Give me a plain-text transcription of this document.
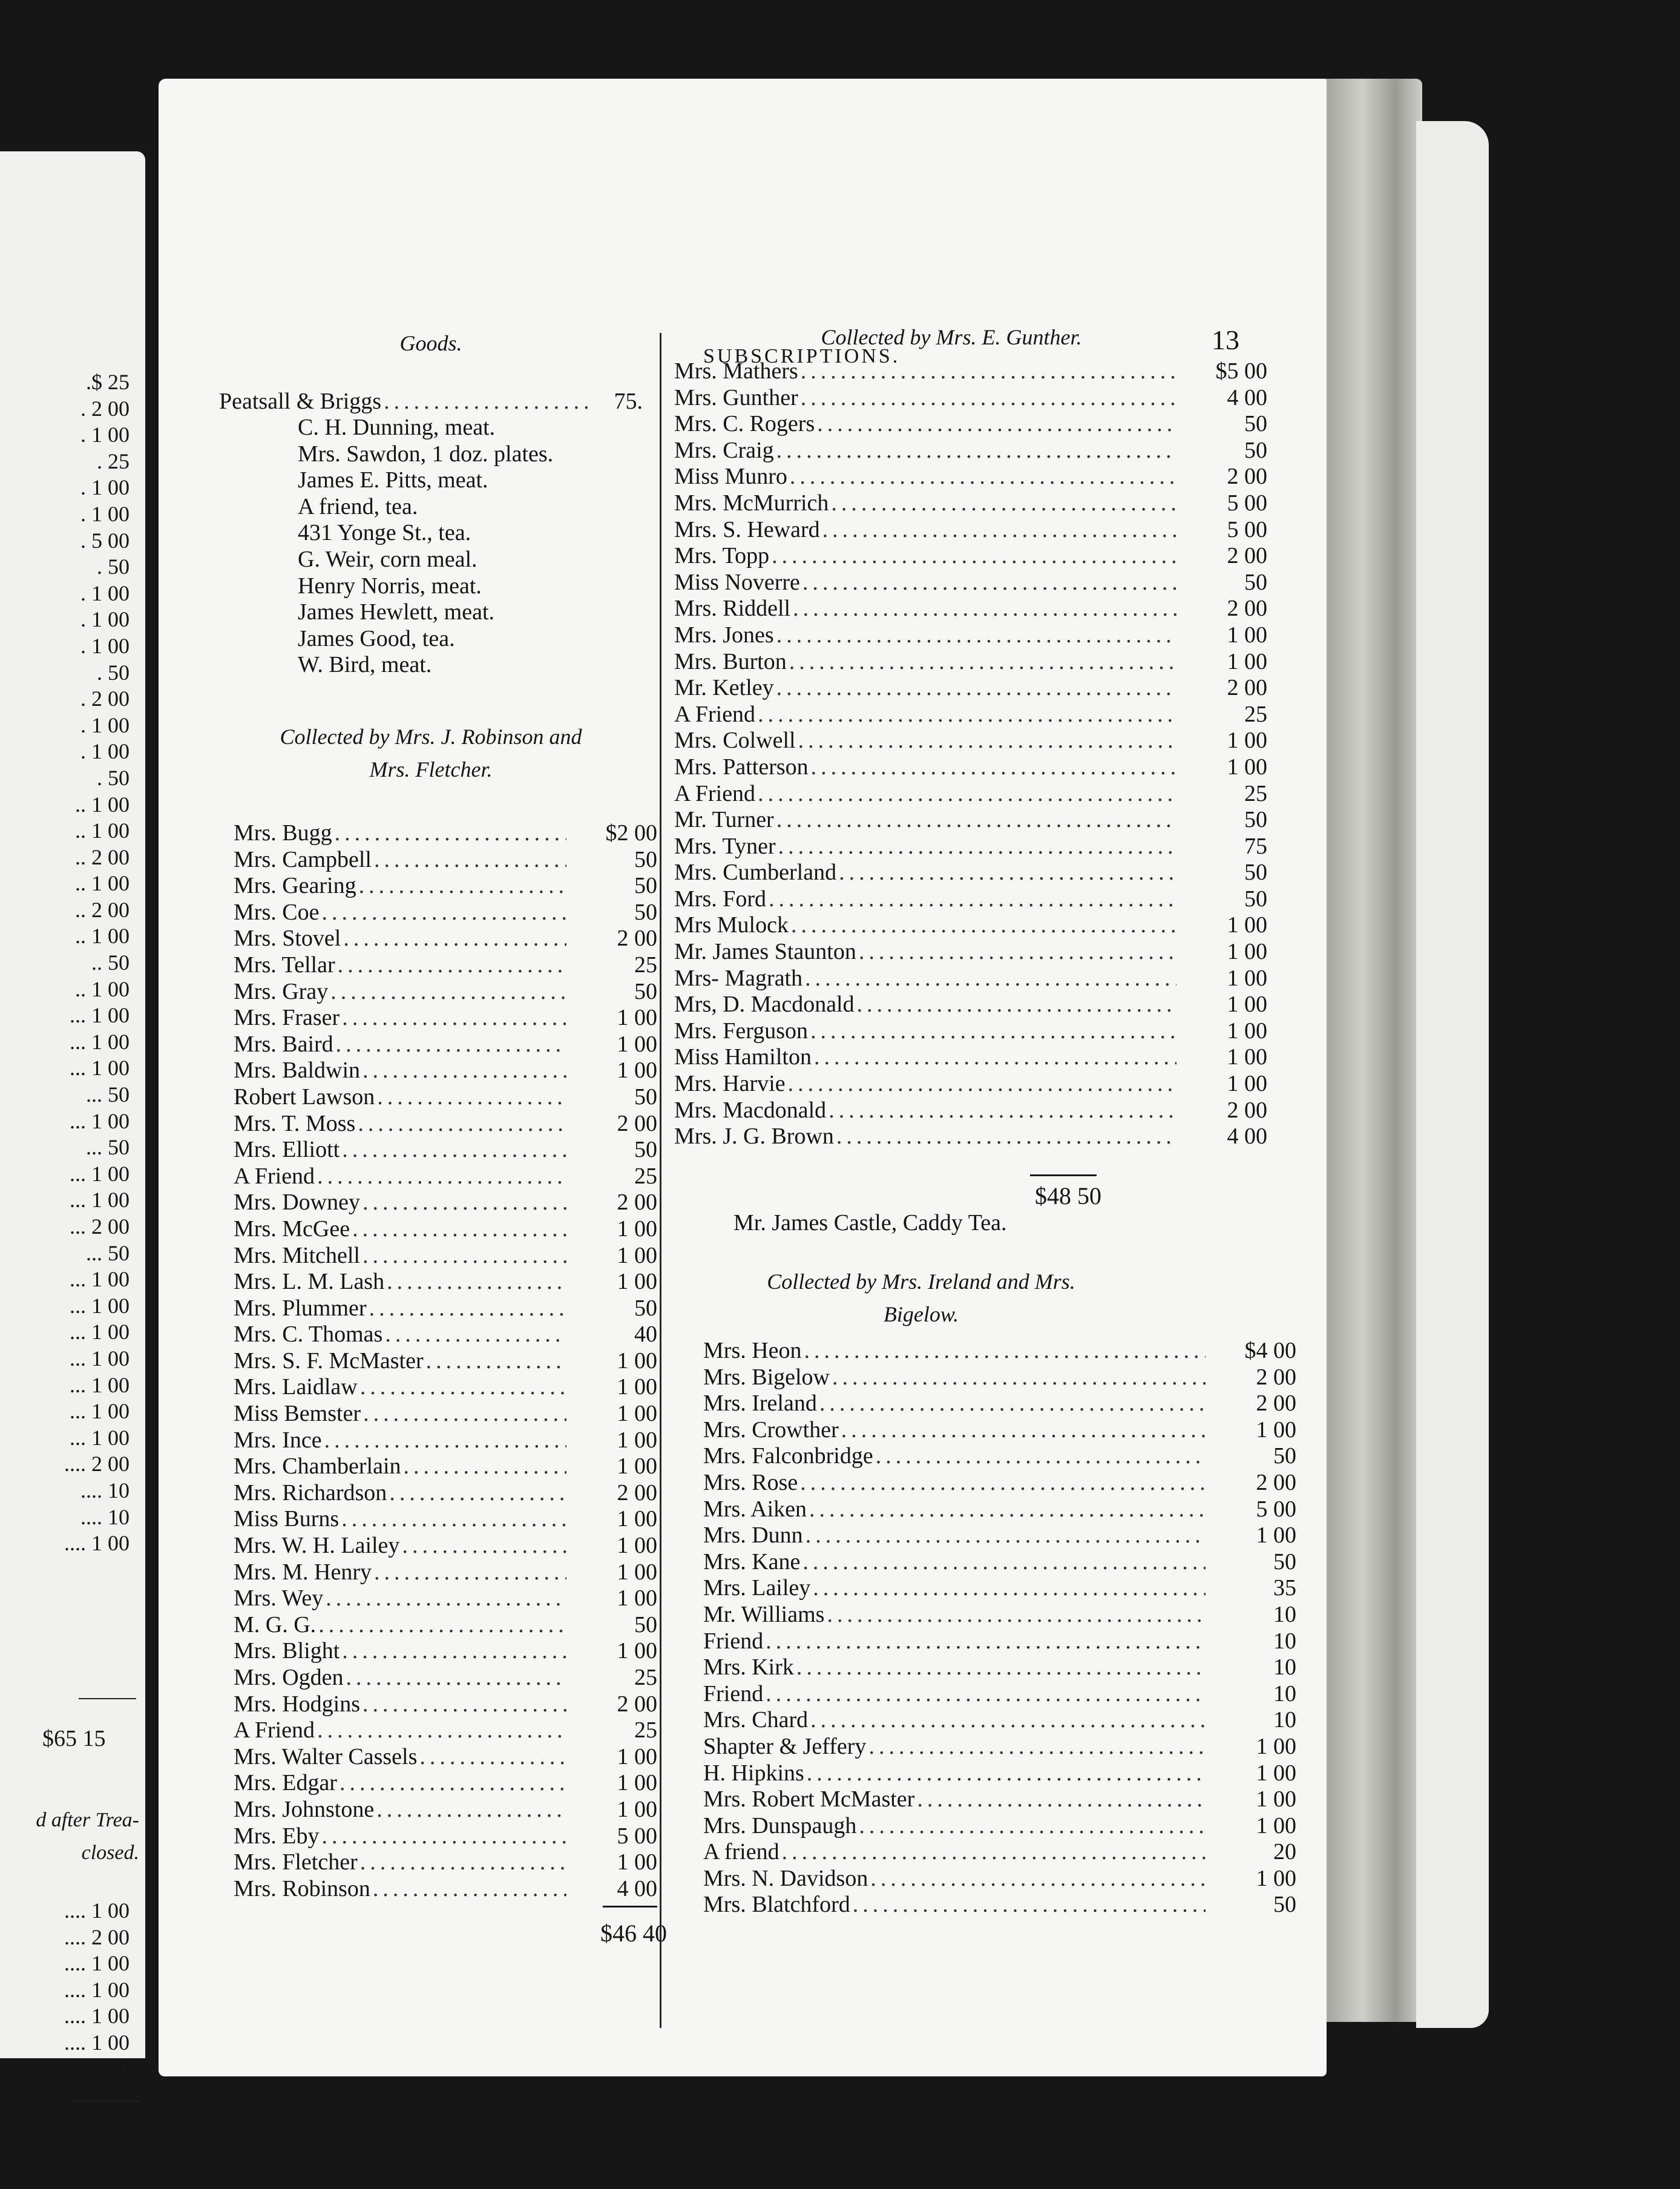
.$ 25
. 2 00
. 1 00
. 25
. 1 00
. 1 00
. 5 00
. 50
. 1 00
. 1 00
. 1 00
. 50
. 2 00
. 1 00
. 1 00
. 50
.. 1 00
.. 1 00
.. 2 00
.. 1 00
.. 2 00
.. 1 00
.. 50
.. 1 00
... 1 00
... 1 00
... 1 00
... 50
... 1 00
... 50
... 1 00
... 1 00
... 2 00
... 50
... 1 00
... 1 00
... 1 00
... 1 00
... 1 00
... 1 00
... 1 00
.... 2 00
.... 10
.... 10
.... 1 00
$65 15
d after Trea- closed.
.... 1 00
.... 2 00
.... 1 00
.... 1 00
.... 1 00
.... 1 00
.... 1 00
$8 00
SUBSCRIPTIONS.
13
Goods.
Peatsall & Briggs .....	75.
C. H. Dunning, meat.
Mrs. Sawdon, 1 doz. plates.
James E. Pitts, meat.
A friend, tea.
431 Yonge St., tea.
G. Weir, corn meal.
Henry Norris, meat.
James Hewlett, meat.
James Good, tea.
W. Bird, meat.
Collected by Mrs. J. Robinson and
Mrs. Fletcher.
Mrs. Bugg .....	$2 00
Mrs. Campbell .....	50
Mrs. Gearing .....	50
Mrs. Coe .....	50
Mrs. Stovel .....	2 00
Mrs. Tellar .....	25
Mrs. Gray .....	50
Mrs. Fraser .....	1 00
Mrs. Baird .....	1 00
Mrs. Baldwin .....	1 00
Robert Lawson .....	50
Mrs. T. Moss .....	2 00
Mrs. Elliott .....	50
A Friend .....	25
Mrs. Downey .....	2 00
Mrs. McGee .....	1 00
Mrs. Mitchell .....	1 00
Mrs. L. M. Lash .....	1 00
Mrs. Plummer .....	50
Mrs. C. Thomas .....	40
Mrs. S. F. McMaster .....	1 00
Mrs. Laidlaw .....	1 00
Miss Bemster .....	1 00
Mrs. Ince .....	1 00
Mrs. Chamberlain .....	1 00
Mrs. Richardson .....	2 00
Miss Burns .....	1 00
Mrs. W. H. Lailey .....	1 00
Mrs. M. Henry .....	1 00
Mrs. Wey .....	1 00
M. G. G. .....	50
Mrs. Blight .....	1 00
Mrs. Ogden .....	25
Mrs. Hodgins .....	2 00
A Friend .....	25
Mrs. Walter Cassels .....	1 00
Mrs. Edgar .....	1 00
Mrs. Johnstone .....	1 00
Mrs. Eby .....	5 00
Mrs. Fletcher .....	1 00
Mrs. Robinson .....	4 00
$46 40
Collected by Mrs. E. Gunther.
Mrs. Mathers .....	$5 00
Mrs. Gunther .....	4 00
Mrs. C. Rogers .....	50
Mrs. Craig .....	50
Miss Munro .....	2 00
Mrs. McMurrich .....	5 00
Mrs. S. Heward .....	5 00
Mrs. Topp .....	2 00
Miss Noverre .....	50
Mrs. Riddell .....	2 00
Mrs. Jones .....	1 00
Mrs. Burton .....	1 00
Mr. Ketley .....	2 00
A Friend .....	25
Mrs. Colwell .....	1 00
Mrs. Patterson .....	1 00
A Friend .....	25
Mr. Turner .....	50
Mrs. Tyner .....	75
Mrs. Cumberland .....	50
Mrs. Ford .....	50
Mrs Mulock .....	1 00
Mr. James Staunton .....	1 00
Mrs- Magrath .....	1 00
Mrs, D. Macdonald .....	1 00
Mrs. Ferguson .....	1 00
Miss Hamilton .....	1 00
Mrs. Harvie .....	1 00
Mrs. Macdonald .....	2 00
Mrs. J. G. Brown .....	4 00
$48 50
Mr. James Castle, Caddy Tea.
Collected by Mrs. Ireland and Mrs.
Bigelow.
Mrs. Heon .....	$4 00
Mrs. Bigelow .....	2 00
Mrs. Ireland .....	2 00
Mrs. Crowther .....	1 00
Mrs. Falconbridge .....	50
Mrs. Rose .....	2 00
Mrs. Aiken .....	5 00
Mrs. Dunn .....	1 00
Mrs. Kane .....	50
Mrs. Lailey .....	35
Mr. Williams .....	10
Friend .....	10
Mrs. Kirk .....	10
Friend .....	10
Mrs. Chard .....	10
Shapter & Jeffery .....	1 00
H. Hipkins .....	1 00
Mrs. Robert McMaster .....	1 00
Mrs. Dunspaugh .....	1 00
A friend .....	20
Mrs. N. Davidson .....	1 00
Mrs. Blatchford .....	50
